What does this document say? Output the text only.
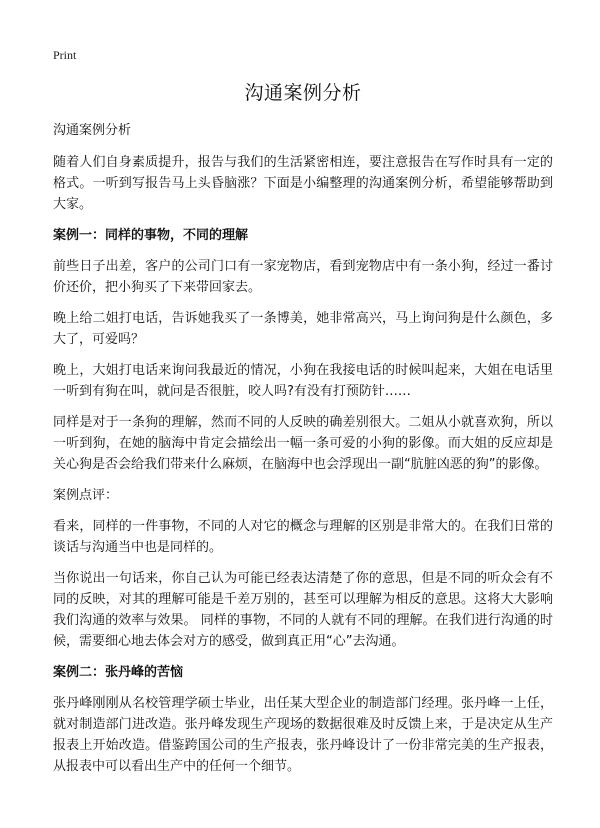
Print
沟通案例分析

沟通案例分析

随着人们自身素质提升，报告与我们的生活紧密相连，要注意报告在写作时具有一定的格式。一听到写报告马上头昏脑涨？下面是小编整理的沟通案例分析，希望能够帮助到大家。

案例一：同样的事物，不同的理解

前些日子出差，客户的公司门口有一家宠物店，看到宠物店中有一条小狗，经过一番讨价还价，把小狗买了下来带回家去。

晚上给二姐打电话，告诉她我买了一条博美，她非常高兴，马上询问狗是什么颜色，多大了，可爱吗？

晚上，大姐打电话来询问我最近的情况，小狗在我接电话的时候叫起来，大姐在电话里一听到有狗在叫，就问是否很脏，咬人吗?有没有打预防针……

同样是对于一条狗的理解，然而不同的人反映的确差别很大。二姐从小就喜欢狗，所以一听到狗，在她的脑海中肯定会描绘出一幅一条可爱的小狗的影像。而大姐的反应却是关心狗是否会给我们带来什么麻烦，在脑海中也会浮现出一副“肮脏凶恶的狗”的影像。

案例点评：

看来，同样的一件事物，不同的人对它的概念与理解的区别是非常大的。在我们日常的谈话与沟通当中也是同样的。

当你说出一句话来，你自己认为可能已经表达清楚了你的意思，但是不同的听众会有不同的反映，对其的理解可能是千差万别的，甚至可以理解为相反的意思。这将大大影响我们沟通的效率与效果。 同样的事物，不同的人就有不同的理解。在我们进行沟通的时候，需要细心地去体会对方的感受，做到真正用“心”去沟通。

案例二：张丹峰的苦恼

张丹峰刚刚从名校管理学硕士毕业，出任某大型企业的制造部门经理。张丹峰一上任，就对制造部门进改造。张丹峰发现生产现场的数据很难及时反馈上来，于是决定从生产报表上开始改造。借鉴跨国公司的生产报表，张丹峰设计了一份非常完美的生产报表，从报表中可以看出生产中的任何一个细节。
